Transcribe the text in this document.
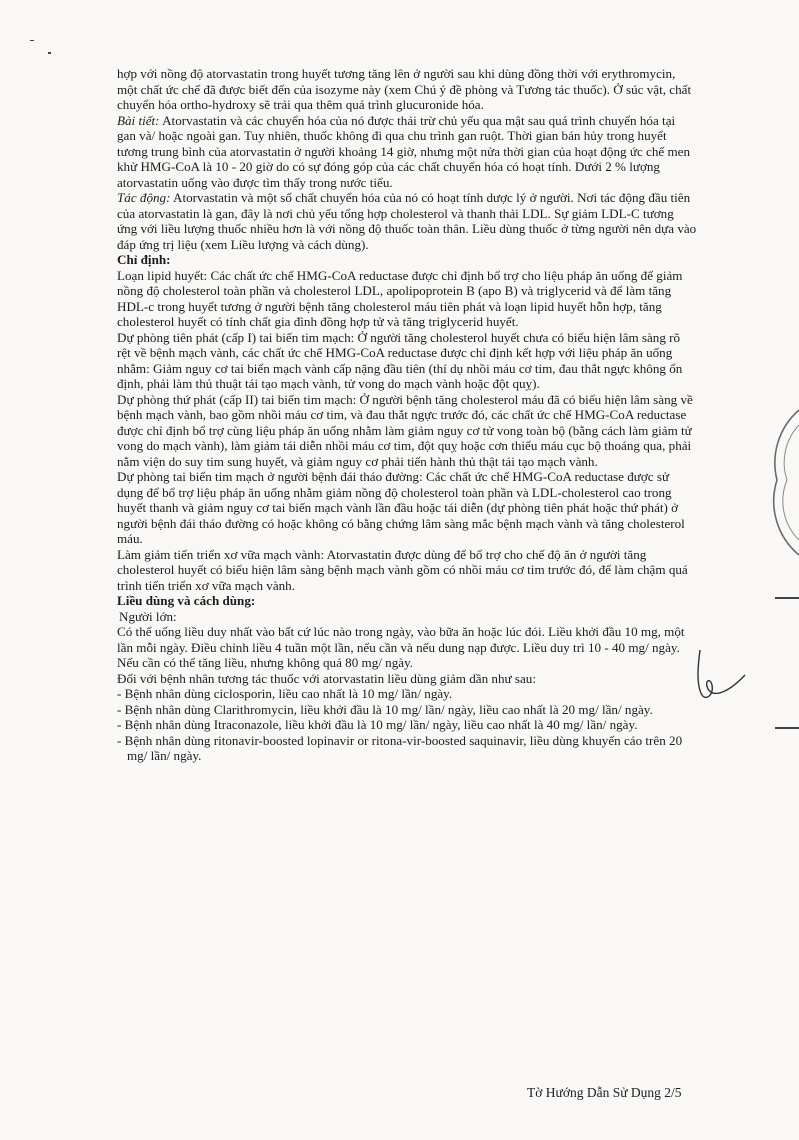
hợp với nồng độ atorvastatin trong huyết tương tăng lên ở người sau khi dùng đồng thời với erythromycin, một chất ức chế đã được biết đến của isozyme này (xem Chú ý đề phòng và Tương tác thuốc). Ở súc vật, chất chuyển hóa ortho-hydroxy sẽ trải qua thêm quá trình glucuronide hóa.

Bài tiết: Atorvastatin và các chuyển hóa của nó được thải trừ chủ yếu qua mật sau quá trình chuyển hóa tại gan và/ hoặc ngoài gan. Tuy nhiên, thuốc không đi qua chu trình gan ruột. Thời gian bán hủy trong huyết tương trung bình của atorvastatin ở người khoảng 14 giờ, nhưng một nửa thời gian của hoạt động ức chế men khử HMG-CoA là 10 - 20 giờ do có sự đóng góp của các chất chuyển hóa có hoạt tính. Dưới 2 % lượng atorvastatin uống vào được tìm thấy trong nước tiểu.

Tác động: Atorvastatin và một số chất chuyển hóa của nó có hoạt tính dược lý ở người. Nơi tác động đầu tiên của atorvastatin là gan, đây là nơi chủ yếu tổng hợp cholesterol và thanh thải LDL. Sự giảm LDL-C tương ứng với liều lượng thuốc nhiều hơn là với nồng độ thuốc toàn thân. Liều dùng thuốc ở từng người nên dựa vào đáp ứng trị liệu (xem Liều lượng và cách dùng).

Chỉ định:

Loạn lipid huyết: Các chất ức chế HMG-CoA reductase được chỉ định bổ trợ cho liệu pháp ăn uống để giảm nồng độ cholesterol toàn phần và cholesterol LDL, apolipoprotein B (apo B) và triglycerid và để làm tăng HDL-c trong huyết tương ở người bệnh tăng cholesterol máu tiên phát và loạn lipid huyết hỗn hợp, tăng cholesterol huyết có tính chất gia đình đồng hợp tử và tăng triglycerid huyết.

Dự phòng tiên phát (cấp I) tai biến tim mạch: Ở người tăng cholesterol huyết chưa có biểu hiện lâm sàng rõ rệt về bệnh mạch vành, các chất ức chế HMG-CoA reductase được chỉ định kết hợp với liệu pháp ăn uống nhằm: Giảm nguy cơ tai biến mạch vành cấp nặng đầu tiên (thí dụ nhồi máu cơ tim, đau thắt ngực không ổn định, phải làm thủ thuật tái tạo mạch vành, tử vong do mạch vành hoặc đột quỵ).

Dự phòng thứ phát (cấp II) tai biến tim mạch: Ở người bệnh tăng cholesterol máu đã có biểu hiện lâm sàng về bệnh mạch vành, bao gồm nhồi máu cơ tim, và đau thắt ngực trước đó, các chất ức chế HMG-CoA reductase được chỉ định bổ trợ cùng liệu pháp ăn uống nhằm làm giảm nguy cơ tử vong toàn bộ (bằng cách làm giảm tử vong do mạch vành), làm giảm tái diễn nhồi máu cơ tim, đột quỵ hoặc cơn thiếu máu cục bộ thoáng qua, phải nằm viện do suy tim sung huyết, và giảm nguy cơ phải tiến hành thủ thật tái tạo mạch vành.

Dự phòng tai biến tim mạch ở người bệnh đái tháo đường: Các chất ức chế HMG-CoA reductase được sử dụng để bổ trợ liệu pháp ăn uống nhằm giảm nồng độ cholesterol toàn phần và LDL-cholesterol cao trong huyết thanh và giảm nguy cơ tai biến mạch vành lần đầu hoặc tái diễn (dự phòng tiên phát hoặc thứ phát) ở người bệnh đái tháo đường có hoặc không có bằng chứng lâm sàng mắc bệnh mạch vành và tăng cholesterol máu.

Làm giảm tiến triển xơ vữa mạch vành: Atorvastatin được dùng để bổ trợ cho chế độ ăn ở người tăng cholesterol huyết có biểu hiện lâm sàng bệnh mạch vành gồm có nhồi máu cơ tim trước đó, để làm chậm quá trình tiến triển xơ vữa mạch vành.

Liều dùng và cách dùng:

Người lớn:

Có thể uống liều duy nhất vào bất cứ lúc nào trong ngày, vào bữa ăn hoặc lúc đói. Liều khởi đầu 10 mg, một lần mỗi ngày. Điều chỉnh liều 4 tuần một lần, nếu cần và nếu dung nạp được. Liều duy trì 10 - 40 mg/ ngày. Nếu cần có thể tăng liều, nhưng không quá 80 mg/ ngày.

Đối với bệnh nhân tương tác thuốc với atorvastatin liều dùng giảm dần như sau:

- Bệnh nhân dùng ciclosporin, liều cao nhất là 10 mg/ lần/ ngày.

- Bệnh nhân dùng Clarithromycin, liều khởi đầu là 10 mg/ lần/ ngày, liều cao nhất là 20 mg/ lần/ ngày.

- Bệnh nhân dùng Itraconazole, liều khởi đầu là 10 mg/ lần/ ngày, liều cao nhất là 40 mg/ lần/ ngày.

- Bệnh nhân dùng ritonavir-boosted lopinavir or ritona-vir-boosted saquinavir, liều dùng khuyến cáo trên 20 mg/ lần/ ngày.

Tờ Hướng Dẫn Sử Dụng 2/5
